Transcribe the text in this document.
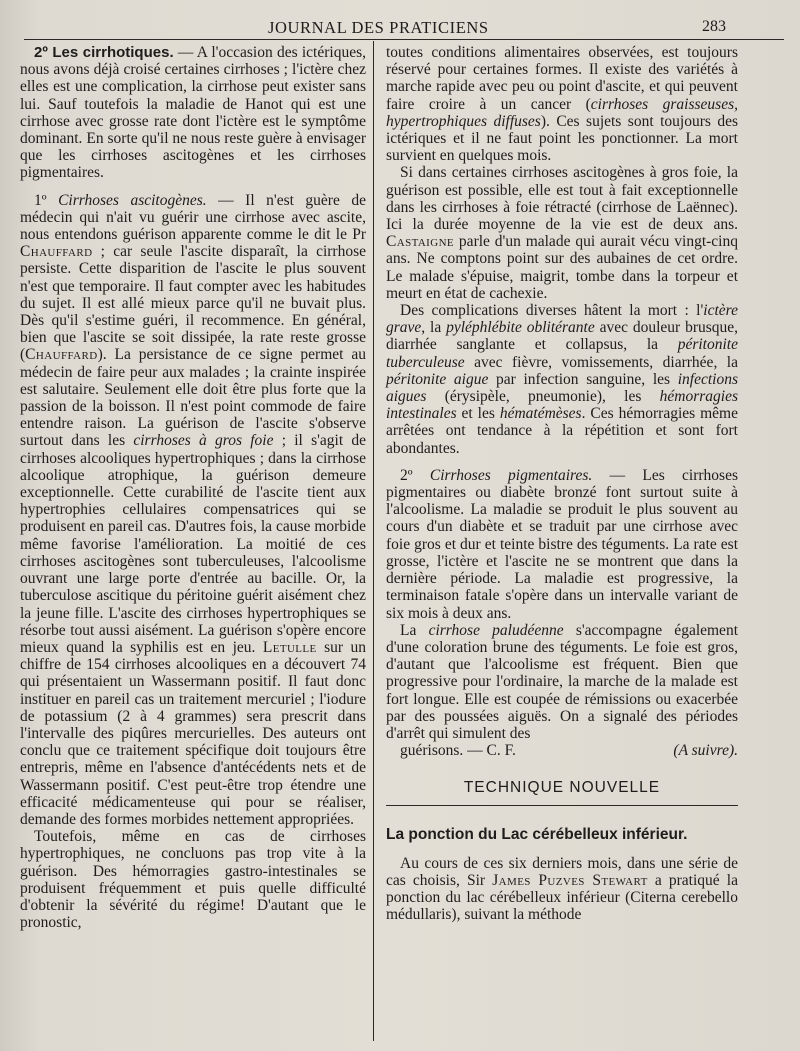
JOURNAL DES PRATICIENS	283

2º Les cirrhotiques. — A l'occasion des ictériques, nous avons déjà croisé certaines cirrhoses ; l'ictère chez elles est une complication, la cirrhose peut exister sans lui. Sauf toutefois la maladie de Hanot qui est une cirrhose avec grosse rate dont l'ictère est le symptôme dominant. En sorte qu'il ne nous reste guère à envisager que les cirrhoses ascitogènes et les cirrhoses pigmentaires.

1º Cirrhoses ascitogènes. — Il n'est guère de médecin qui n'ait vu guérir une cirrhose avec ascite, nous entendons guérison apparente comme le dit le Pr Chauffard ; car seule l'ascite disparaît, la cirrhose persiste. Cette disparition de l'ascite le plus souvent n'est que temporaire. Il faut compter avec les habitudes du sujet. Il est allé mieux parce qu'il ne buvait plus. Dès qu'il s'estime guéri, il recommence. En général, bien que l'ascite se soit dissipée, la rate reste grosse (Chauffard). La persistance de ce signe permet au médecin de faire peur aux malades ; la crainte inspirée est salutaire. Seulement elle doit être plus forte que la passion de la boisson. Il n'est point commode de faire entendre raison. La guérison de l'ascite s'observe surtout dans les cirrhoses à gros foie ; il s'agit de cirrhoses alcooliques hypertrophiques ; dans la cirrhose alcoolique atrophique, la guérison demeure exceptionnelle. Cette curabilité de l'ascite tient aux hypertrophies cellulaires compensatrices qui se produisent en pareil cas. D'autres fois, la cause morbide même favorise l'amélioration. La moitié de ces cirrhoses ascitogènes sont tuberculeuses, l'alcoolisme ouvrant une large porte d'entrée au bacille. Or, la tuberculose ascitique du péritoine guérit aisément chez la jeune fille. L'ascite des cirrhoses hypertrophiques se résorbe tout aussi aisément. La guérison s'opère encore mieux quand la syphilis est en jeu. Letulle sur un chiffre de 154 cirrhoses alcooliques en a découvert 74 qui présentaient un Wassermann positif. Il faut donc instituer en pareil cas un traitement mercuriel ; l'iodure de potassium (2 à 4 grammes) sera prescrit dans l'intervalle des piqûres mercurielles. Des auteurs ont conclu que ce traitement spécifique doit toujours être entrepris, même en l'absence d'antécédents nets et de Wassermann positif. C'est peut-être trop étendre une efficacité médicamenteuse qui pour se réaliser, demande des formes morbides nettement appropriées.

Toutefois, même en cas de cirrhoses hypertrophiques, ne concluons pas trop vite à la guérison. Des hémorragies gastro-intestinales se produisent fréquemment et puis quelle difficulté d'obtenir la sévérité du régime! D'autant que le pronostic,

toutes conditions alimentaires observées, est toujours réservé pour certaines formes. Il existe des variétés à marche rapide avec peu ou point d'ascite, et qui peuvent faire croire à un cancer (cirrhoses graisseuses, hypertrophiques diffuses). Ces sujets sont toujours des ictériques et il ne faut point les ponctionner. La mort survient en quelques mois.

Si dans certaines cirrhoses ascitogènes à gros foie, la guérison est possible, elle est tout à fait exceptionnelle dans les cirrhoses à foie rétracté (cirrhose de Laënnec). Ici la durée moyenne de la vie est de deux ans. Castaigne parle d'un malade qui aurait vécu vingt-cinq ans. Ne comptons point sur des aubaines de cet ordre. Le malade s'épuise, maigrit, tombe dans la torpeur et meurt en état de cachexie.

Des complications diverses hâtent la mort : l'ictère grave, la pyléphlébite oblitérante avec douleur brusque, diarrhée sanglante et collapsus, la péritonite tuberculeuse avec fièvre, vomissements, diarrhée, la péritonite aigue par infection sanguine, les infections aigues (érysipèle, pneumonie), les hémorragies intestinales et les hématémèses. Ces hémorragies même arrêtées ont tendance à la répétition et sont fort abondantes.

2º Cirrhoses pigmentaires. — Les cirrhoses pigmentaires ou diabète bronzé font surtout suite à l'alcoolisme. La maladie se produit le plus souvent au cours d'un diabète et se traduit par une cirrhose avec foie gros et dur et teinte bistre des téguments. La rate est grosse, l'ictère et l'ascite ne se montrent que dans la dernière période. La maladie est progressive, la terminaison fatale s'opère dans un intervalle variant de six mois à deux ans.

La cirrhose paludéenne s'accompagne également d'une coloration brune des téguments. Le foie est gros, d'autant que l'alcoolisme est fréquent. Bien que progressive pour l'ordinaire, la marche de la malade est fort longue. Elle est coupée de rémissions ou exacerbée par des poussées aiguës. On a signalé des périodes d'arrêt qui simulent des

guérisons. — C. F.	(A suivre).

TECHNIQUE NOUVELLE
La ponction du Lac cérébelleux inférieur.

Au cours de ces six derniers mois, dans une série de cas choisis, Sir James Puzves Stewart a pratiqué la ponction du lac cérébelleux inférieur (Citerna cerebello médullaris), suivant la méthode
